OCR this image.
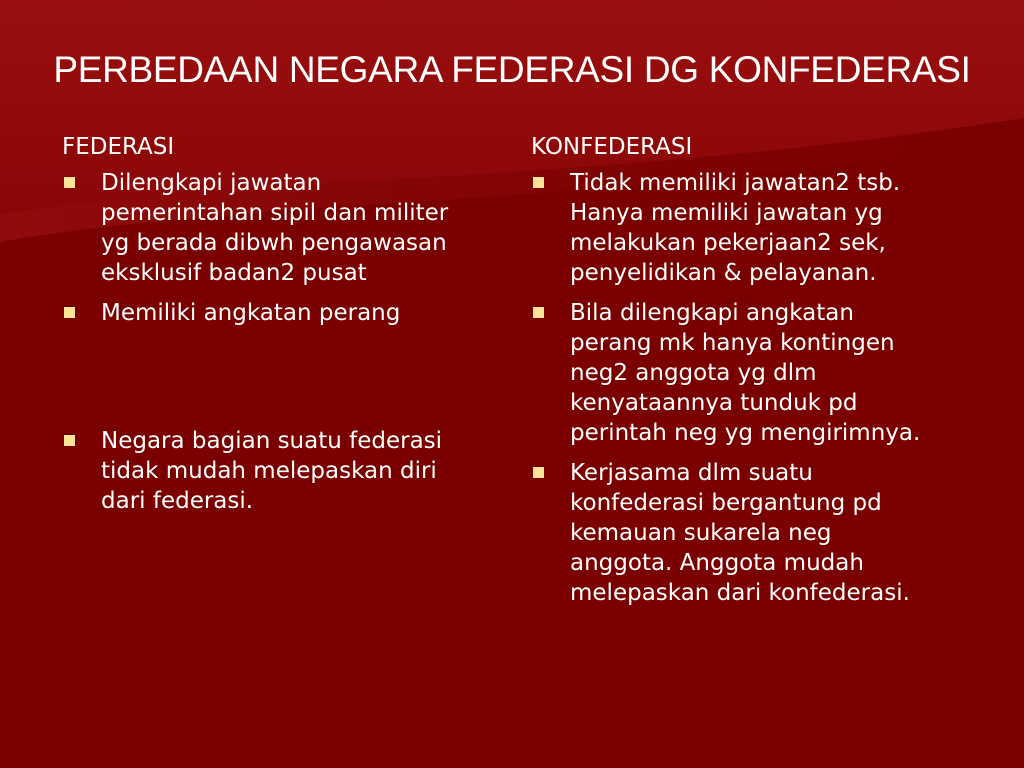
PERBEDAAN NEGARA FEDERASI DG KONFEDERASI
FEDERASI
Dilengkapi jawatan
pemerintahan sipil dan militer
yg berada dibwh pengawasan
eksklusif badan2 pusat
Memiliki angkatan perang
Negara bagian suatu federasi
tidak mudah melepaskan diri
dari federasi.
KONFEDERASI
Tidak memiliki jawatan2 tsb.
Hanya memiliki jawatan yg
melakukan pekerjaan2 sek,
penyelidikan & pelayanan.
Bila dilengkapi angkatan
perang mk hanya kontingen
neg2 anggota yg dlm
kenyataannya tunduk pd
perintah neg yg mengirimnya.
Kerjasama dlm suatu
konfederasi bergantung pd
kemauan sukarela neg
anggota. Anggota mudah
melepaskan dari konfederasi.
